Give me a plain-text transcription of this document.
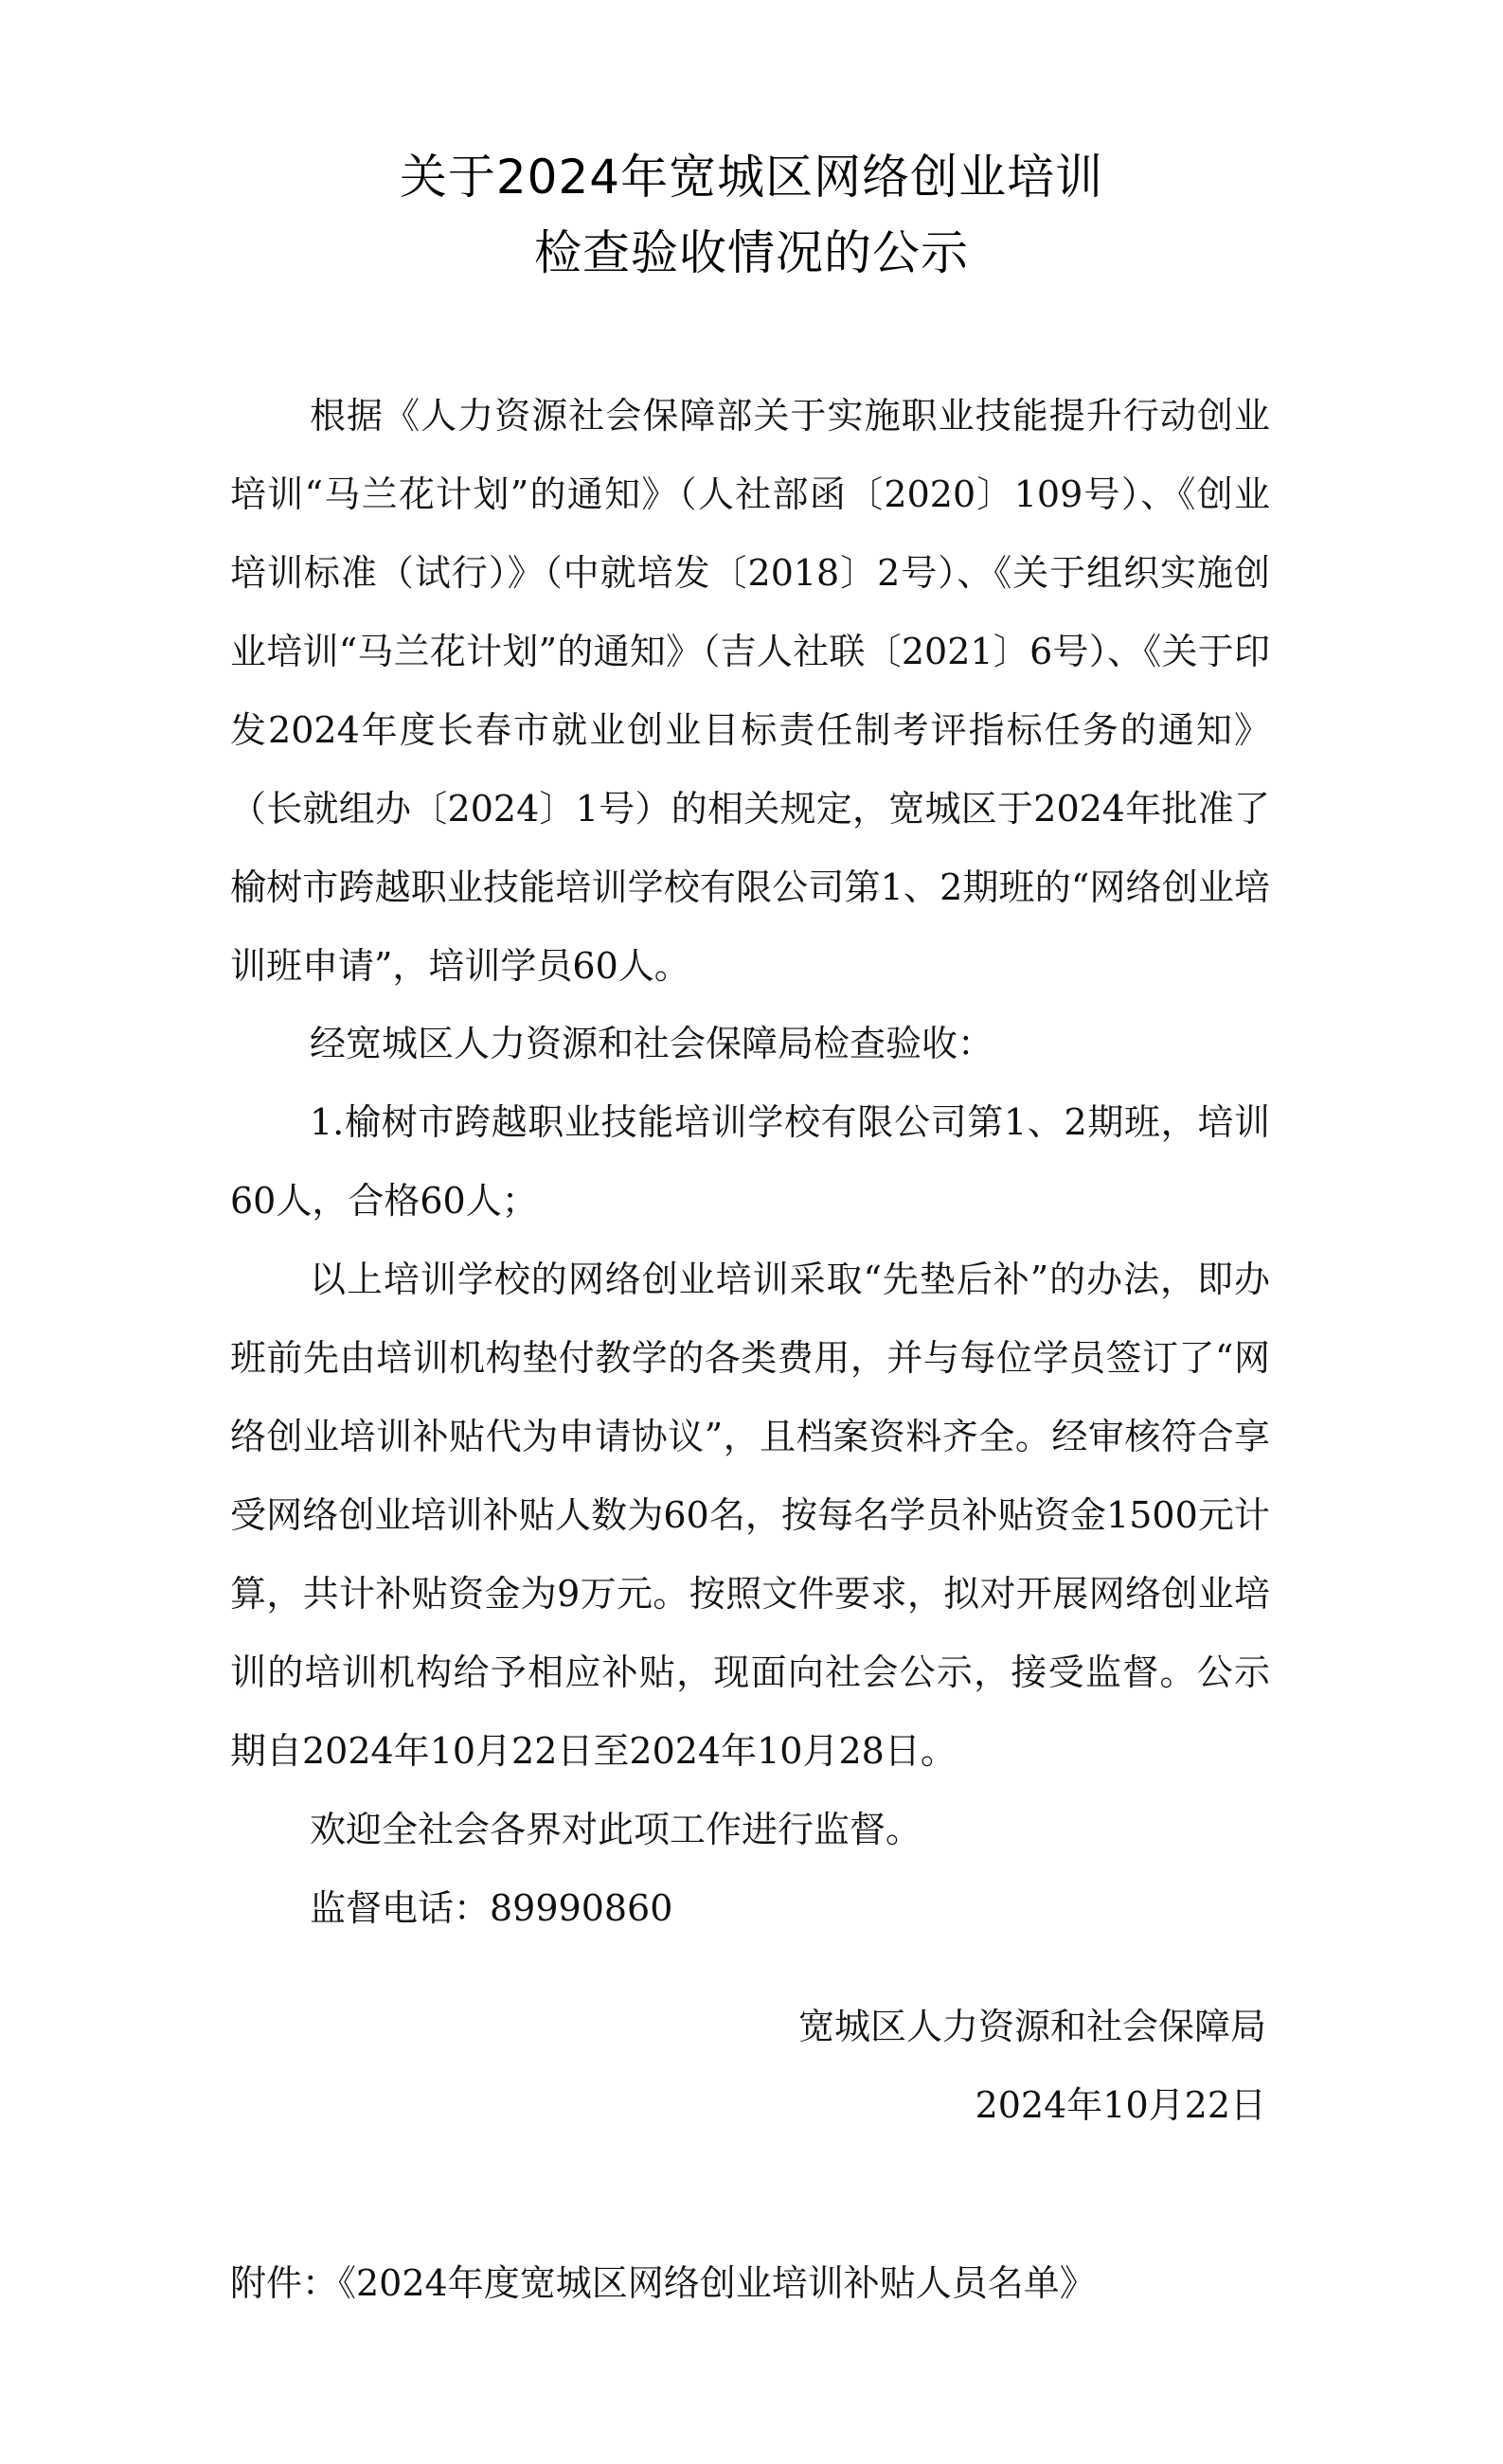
关于2024年宽城区网络创业培训
检查验收情况的公示

根据《人力资源社会保障部关于实施职业技能提升行动创业培训“马兰花计划”的通知》（人社部函〔2020〕109号）、《创业培训标准（试行）》（中就培发〔2018〕2号）、《关于组织实施创业培训“马兰花计划”的通知》（吉人社联〔2021〕6号）、《关于印发2024年度长春市就业创业目标责任制考评指标任务的通知》（长就组办〔2024〕1号）的相关规定，宽城区于2024年批准了榆树市跨越职业技能培训学校有限公司第1、2期班的“网络创业培训班申请”，培训学员60人。

经宽城区人力资源和社会保障局检查验收：

1.榆树市跨越职业技能培训学校有限公司第1、2期班，培训60人，合格60人；

以上培训学校的网络创业培训采取“先垫后补”的办法，即办班前先由培训机构垫付教学的各类费用，并与每位学员签订了“网络创业培训补贴代为申请协议”，且档案资料齐全。经审核符合享受网络创业培训补贴人数为60名，按每名学员补贴资金1500元计算，共计补贴资金为9万元。按照文件要求，拟对开展网络创业培训的培训机构给予相应补贴，现面向社会公示，接受监督。公示期自2024年10月22日至2024年10月28日。

欢迎全社会各界对此项工作进行监督。

监督电话：89990860

宽城区人力资源和社会保障局
2024年10月22日
附件：《2024年度宽城区网络创业培训补贴人员名单》
